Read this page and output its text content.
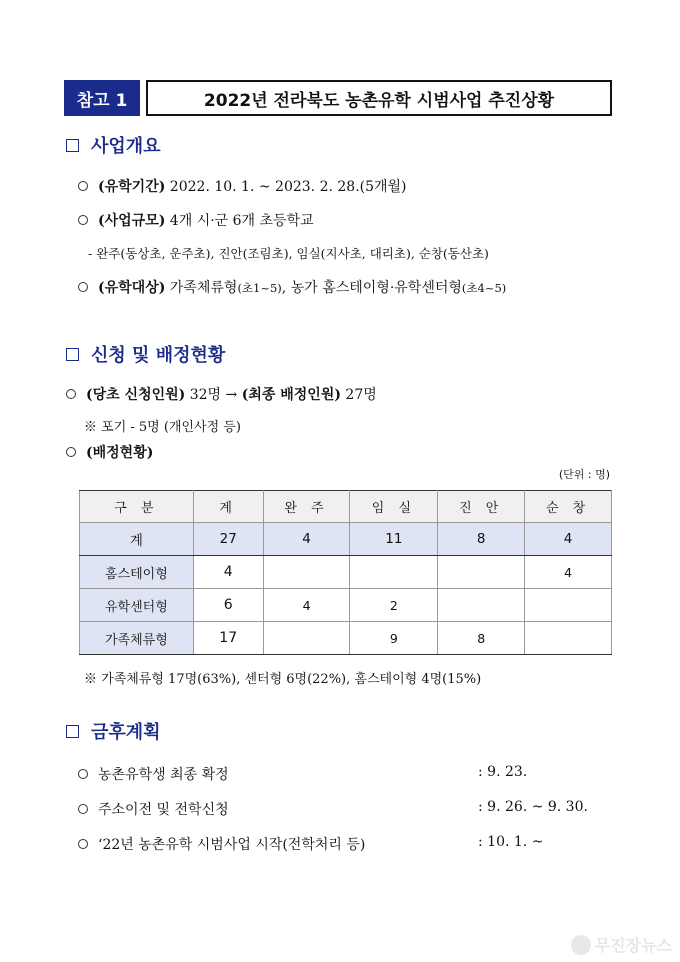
참고 1	2022년 전라북도 농촌유학 시범사업 추진상황
사업개요
(유학기간) 2022. 10. 1. ~ 2023. 2. 28.(5개월)
(사업규모) 4개 시·군 6개 초등학교
- 완주(동상초, 운주초), 진안(조림초), 임실(지사초, 대리초), 순창(동산초)
(유학대상) 가족체류형(초1~5), 농가 홈스테이형·유학센터형(초4~5)
신청 및 배정현황
(당초 신청인원) 32명 → (최종 배정인원) 27명
※ 포기 - 5명 (개인사정 등)
(배정현황)
(단위 : 명)
구 분	계	완 주	임 실	진 안	순 창
계	27	4	11	8	4
홈스테이형	4				4
유학센터형	6	4	2		
가족체류형	17		9	8	
※ 가족체류형 17명(63%), 센터형 6명(22%), 홈스테이형 4명(15%)
금후계획
농촌유학생 최종 확정	: 9. 23.
주소이전 및 전학신청	: 9. 26. ~ 9. 30.
‘22년 농촌유학 시범사업 시작(전학처리 등)	: 10. 1. ~
무진장뉴스
